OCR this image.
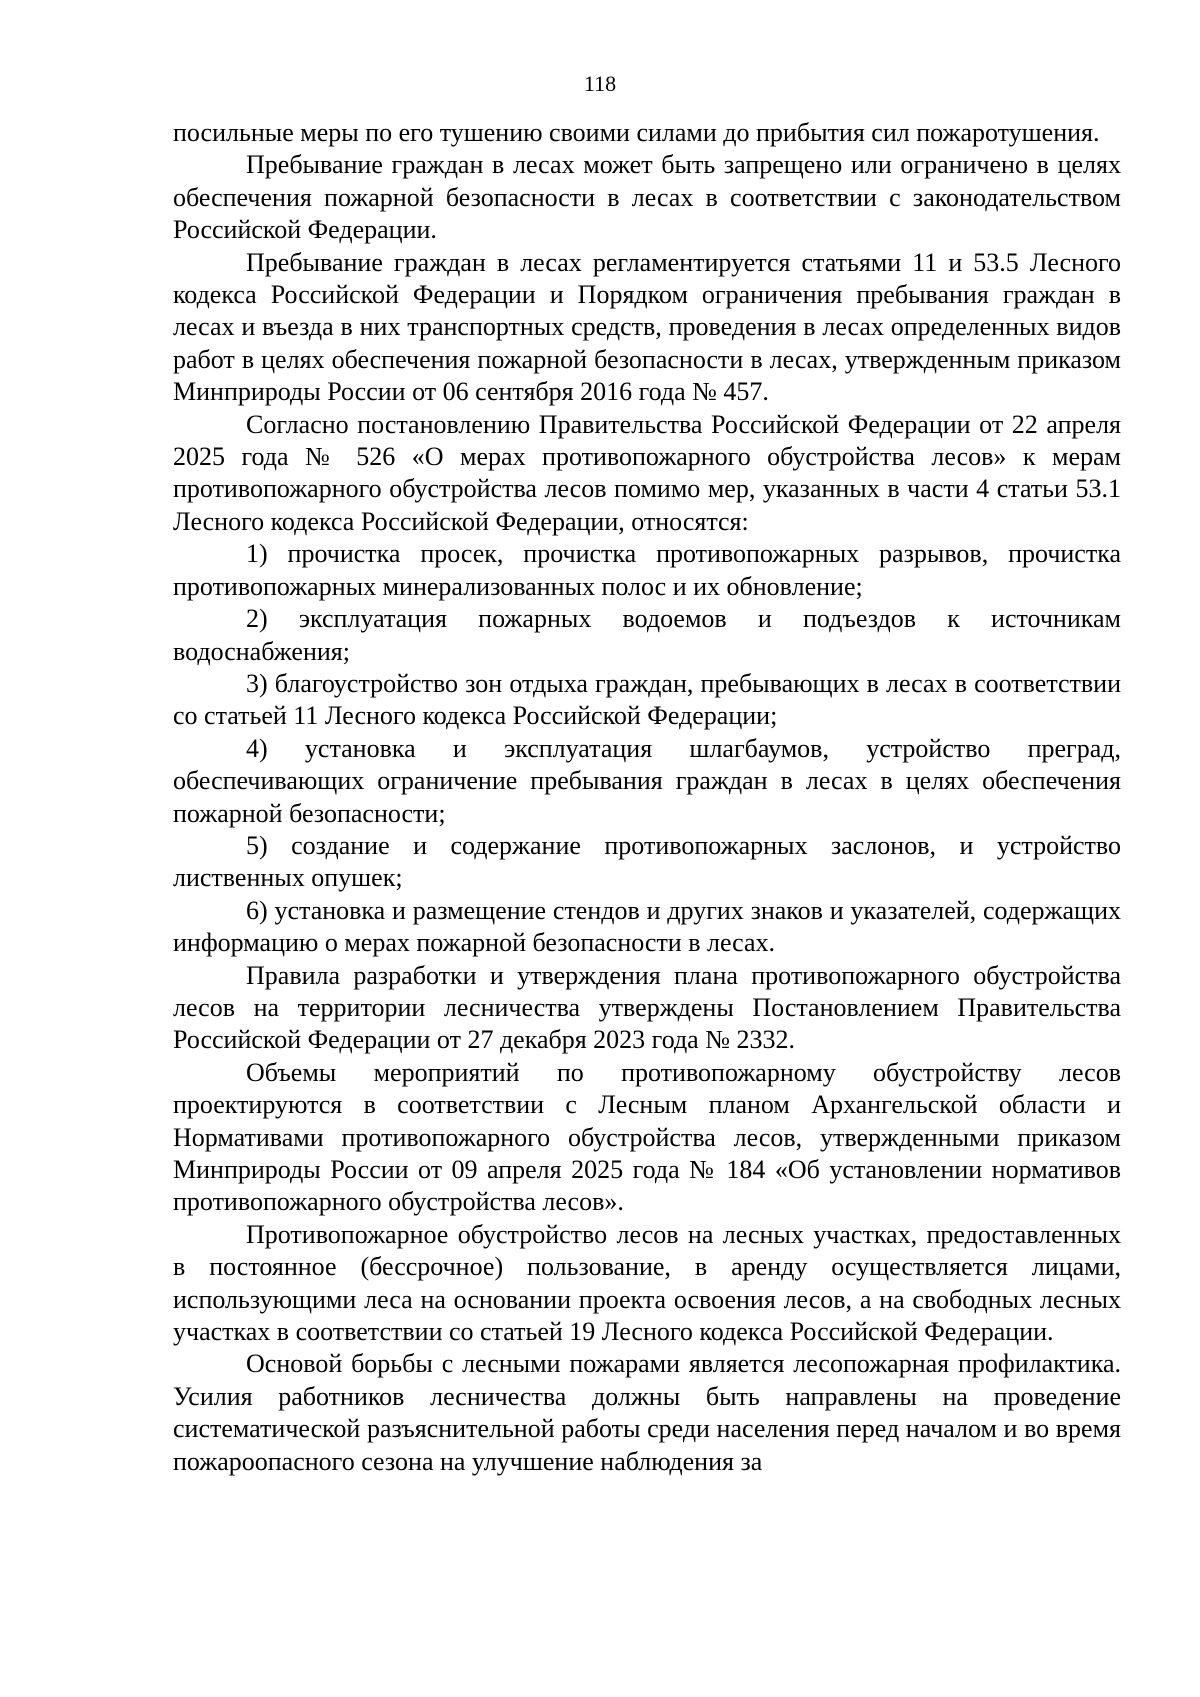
118

посильные меры по его тушению своими силами до прибытия сил пожаротушения.

Пребывание граждан в лесах может быть запрещено или ограничено в целях обеспечения пожарной безопасности в лесах в соответствии с законодательством Российской Федерации.

Пребывание граждан в лесах регламентируется статьями 11 и 53.5 Лесного кодекса Российской Федерации и Порядком ограничения пребывания граждан в лесах и въезда в них транспортных средств, проведения в лесах определенных видов работ в целях обеспечения пожарной безопасности в лесах, утвержденным приказом Минприроды России от 06 сентября 2016 года № 457.

Согласно постановлению Правительства Российской Федерации от 22 апреля 2025 года № 526 «О мерах противопожарного обустройства лесов» к мерам противопожарного обустройства лесов помимо мер, указанных в части 4 статьи 53.1 Лесного кодекса Российской Федерации, относятся:

1) прочистка просек, прочистка противопожарных разрывов, прочистка противопожарных минерализованных полос и их обновление;

2) эксплуатация пожарных водоемов и подъездов к источникам водоснабжения;

3) благоустройство зон отдыха граждан, пребывающих в лесах в соответствии со статьей 11 Лесного кодекса Российской Федерации;

4) установка и эксплуатация шлагбаумов, устройство преград, обеспечивающих ограничение пребывания граждан в лесах в целях обеспечения пожарной безопасности;

5) создание и содержание противопожарных заслонов, и устройство лиственных опушек;

6) установка и размещение стендов и других знаков и указателей, содержащих информацию о мерах пожарной безопасности в лесах.

Правила разработки и утверждения плана противопожарного обустройства лесов на территории лесничества утверждены Постановлением Правительства Российской Федерации от 27 декабря 2023 года № 2332.

Объемы мероприятий по противопожарному обустройству лесов проектируются в соответствии с Лесным планом Архангельской области и Нормативами противопожарного обустройства лесов, утвержденными приказом Минприроды России от 09 апреля 2025 года № 184 «Об установлении нормативов противопожарного обустройства лесов».

Противопожарное обустройство лесов на лесных участках, предоставленных в постоянное (бессрочное) пользование, в аренду осуществляется лицами, использующими леса на основании проекта освоения лесов, а на свободных лесных участках в соответствии со статьей 19 Лесного кодекса Российской Федерации.

Основой борьбы с лесными пожарами является лесопожарная профилактика. Усилия работников лесничества должны быть направлены на проведение систематической разъяснительной работы среди населения перед началом и во время пожароопасного сезона на улучшение наблюдения за
